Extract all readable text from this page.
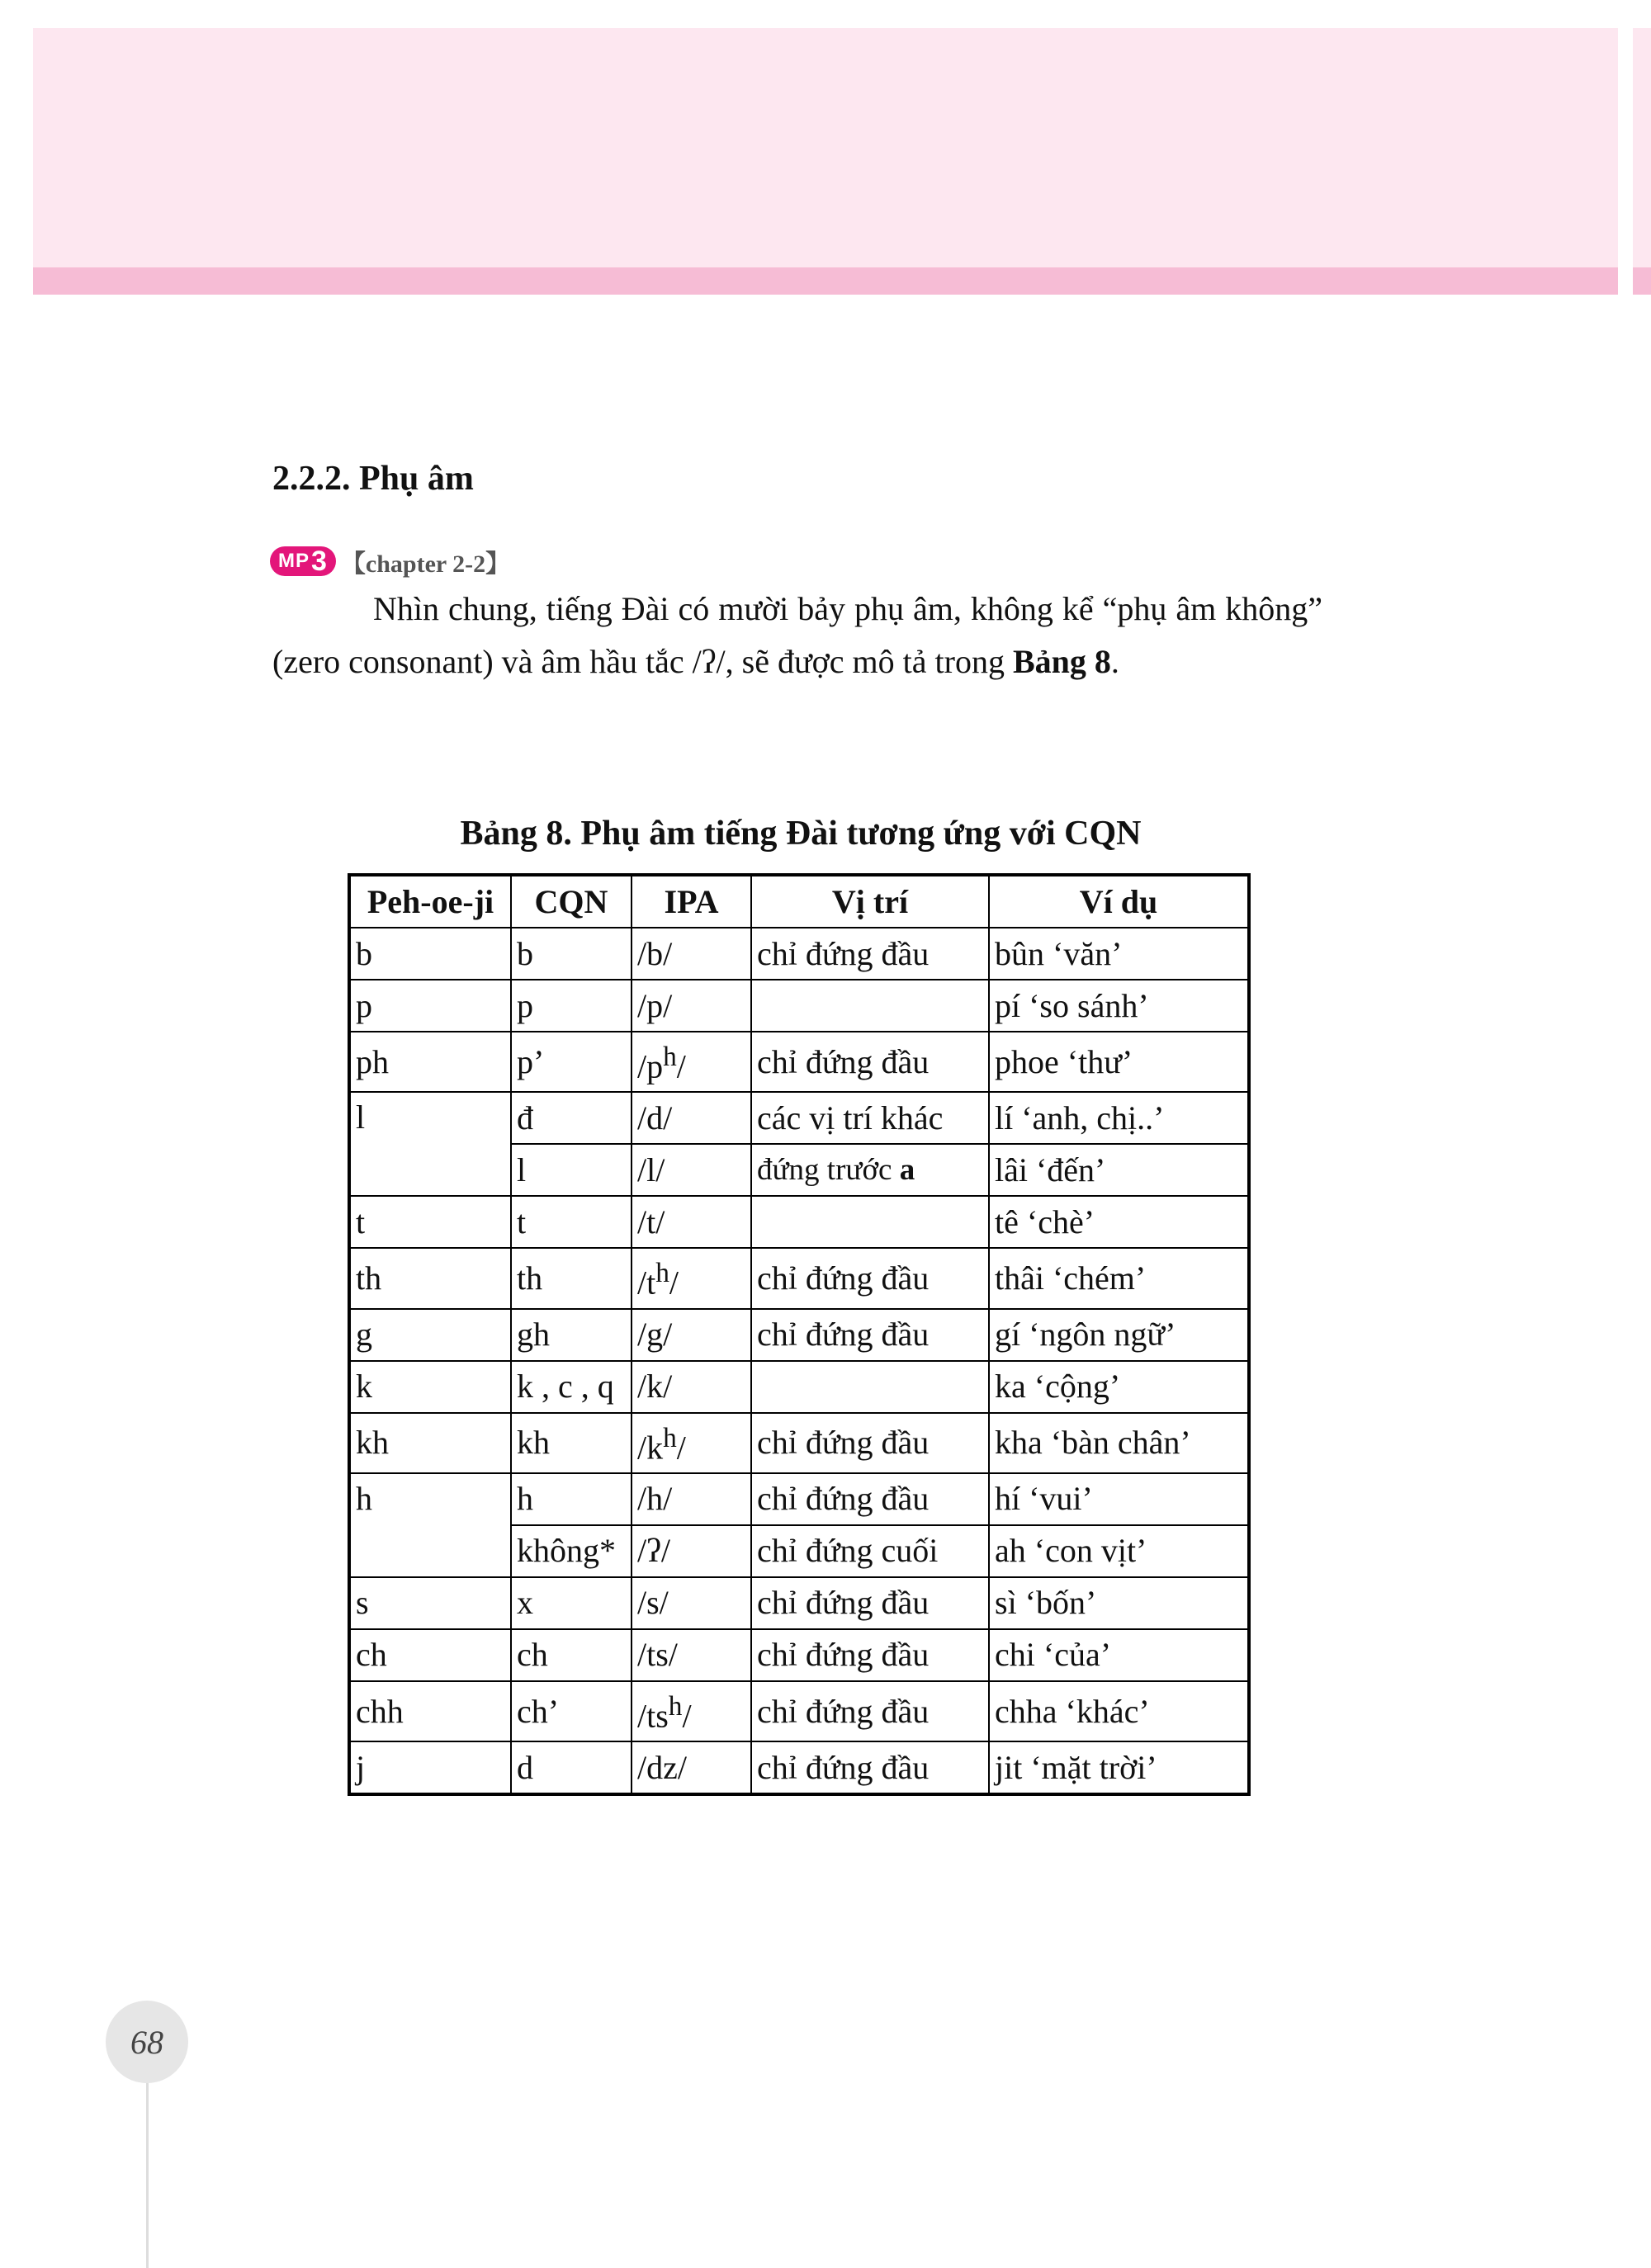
2.2.2. Phụ âm
MP 3 【chapter 2-2】

Nhìn chung, tiếng Đài có mười bảy phụ âm, không kể “phụ âm không” (zero consonant) và âm hầu tắc /ʔ/, sẽ được mô tả trong Bảng 8.

Bảng 8. Phụ âm tiếng Đài tương ứng với CQN
Peh-oe-ji	CQN	IPA	Vị trí	Ví dụ
b	b	/b/	chỉ đứng đầu	bûn ‘văn’
p	p	/p/		pí ‘so sánh’
ph	p’	$/p^h/$	chỉ đứng đầu	phoe ‘thư’
l	đ	/d/	các vị trí khác	lí ‘anh, chị..’
	l	/l/	đứng trước a	lâi ‘đến’
t	t	/t/		tê ‘chè’
th	th	$/t^h/$	chỉ đứng đầu	thâi ‘chém’
g	gh	/g/	chỉ đứng đầu	gí ‘ngôn ngữ’
k	k , c , q	/k/		ka ‘cộng’
kh	kh	$/k^h/$	chỉ đứng đầu	kha ‘bàn chân’
h	h	/h/	chỉ đứng đầu	hí ‘vui’
	không*	/ʔ/	chỉ đứng cuối	ah ‘con vịt’
s	x	/s/	chỉ đứng đầu	sì ‘bốn’
ch	ch	/ts/	chỉ đứng đầu	chi ‘của’
chh	ch’	$/ts^h/$	chỉ đứng đầu	chha ‘khác’
j	d	/dz/	chỉ đứng đầu	jit ‘mặt trời’
68
